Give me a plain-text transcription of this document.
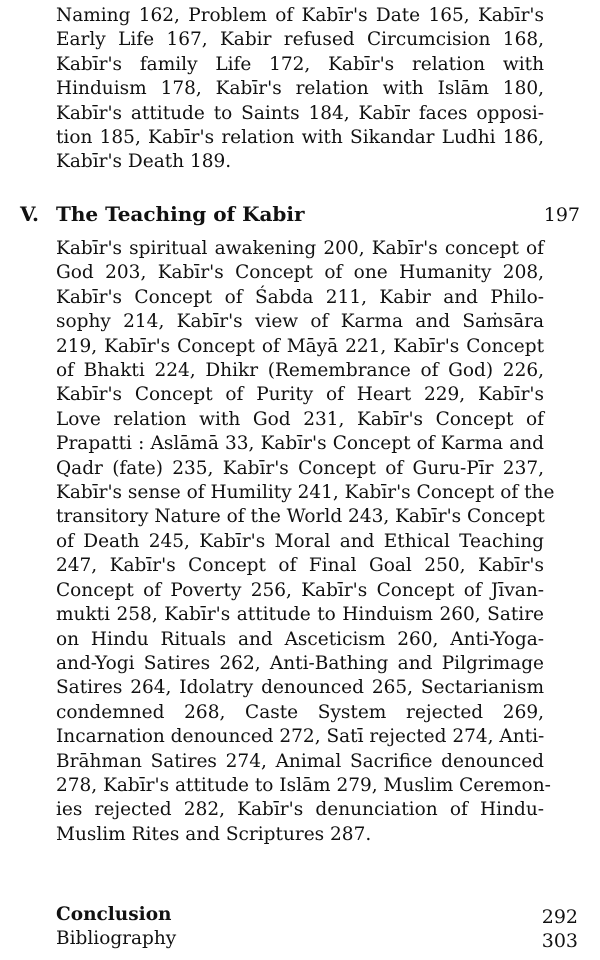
Naming 162, Problem of Kabīr's Date 165, Kabīr's
Early Life 167, Kabir refused Circumcision 168,
Kabīr's family Life 172, Kabīr's relation with
Hinduism 178, Kabīr's relation with Islām 180,
Kabīr's attitude to Saints 184, Kabīr faces opposi-
tion 185, Kabīr's relation with Sikandar Ludhi 186,
Kabīr's Death 189.
V. The Teaching of Kabir	197
Kabīr's spiritual awakening 200, Kabīr's concept of
God 203, Kabīr's Concept of one Humanity 208,
Kabīr's Concept of Śabda 211, Kabir and Philo-
sophy 214, Kabīr's view of Karma and Saṁsāra
219, Kabīr's Concept of Māyā 221, Kabīr's Concept
of Bhakti 224, Dhikr (Remembrance of God) 226,
Kabīr's Concept of Purity of Heart 229, Kabīr's
Love relation with God 231, Kabīr's Concept of
Prapatti : Aslāmā 33, Kabīr's Concept of Karma and
Qadr (fate) 235, Kabīr's Concept of Guru-Pīr 237,
Kabīr's sense of Humility 241, Kabīr's Concept of the
transitory Nature of the World 243, Kabīr's Concept
of Death 245, Kabīr's Moral and Ethical Teaching
247, Kabīr's Concept of Final Goal 250, Kabīr's
Concept of Poverty 256, Kabīr's Concept of Jīvan-
mukti 258, Kabīr's attitude to Hinduism 260, Satire
on Hindu Rituals and Asceticism 260, Anti-Yoga-
and-Yogi Satires 262, Anti-Bathing and Pilgrimage
Satires 264, Idolatry denounced 265, Sectarianism
condemned 268, Caste System rejected 269,
Incarnation denounced 272, Satī rejected 274, Anti-
Brāhman Satires 274, Animal Sacrifice denounced
278, Kabīr's attitude to Islām 279, Muslim Ceremon-
ies rejected 282, Kabīr's denunciation of Hindu-
Muslim Rites and Scriptures 287.
Conclusion	292
Bibliography	303
